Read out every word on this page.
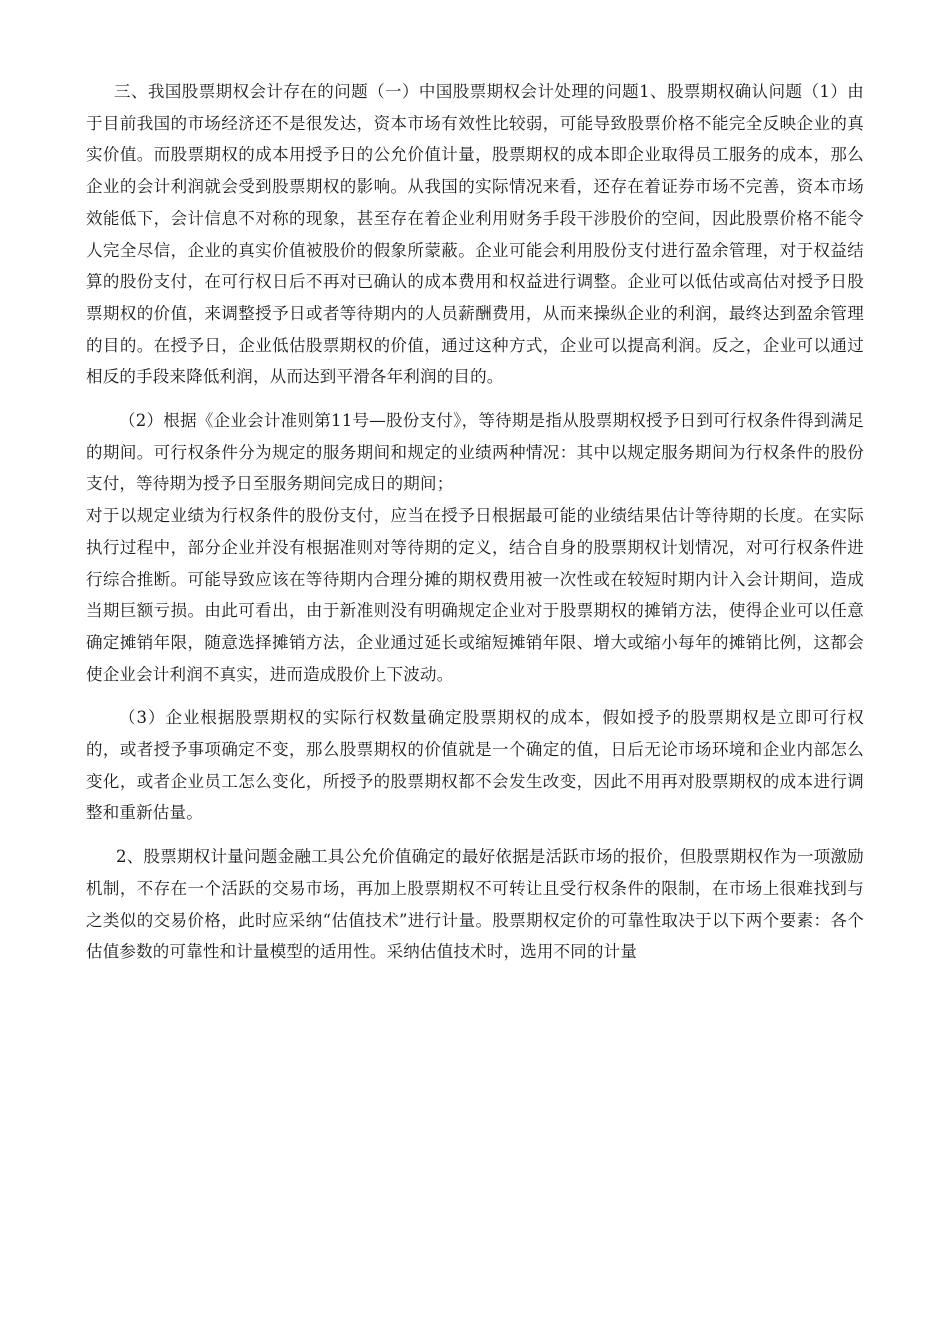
三、我国股票期权会计存在的问题（一）中国股票期权会计处理的问题1、股票期权确认问题（1）由于目前我国的市场经济还不是很发达，资本市场有效性比较弱，可能导致股票价格不能完全反映企业的真实价值。而股票期权的成本用授予日的公允价值计量，股票期权的成本即企业取得员工服务的成本，那么企业的会计利润就会受到股票期权的影响。从我国的实际情况来看，还存在着证券市场不完善，资本市场效能低下，会计信息不对称的现象，甚至存在着企业利用财务手段干涉股价的空间，因此股票价格不能令人完全尽信，企业的真实价值被股价的假象所蒙蔽。企业可能会利用股份支付进行盈余管理，对于权益结算的股份支付，在可行权日后不再对已确认的成本费用和权益进行调整。企业可以低估或高估对授予日股票期权的价值，来调整授予日或者等待期内的人员薪酬费用，从而来操纵企业的利润，最终达到盈余管理的目的。在授予日，企业低估股票期权的价值，通过这种方式，企业可以提高利润。反之，企业可以通过相反的手段来降低利润，从而达到平滑各年利润的目的。

（2）根据《企业会计准则第11号—股份支付》，等待期是指从股票期权授予日到可行权条件得到满足的期间。可行权条件分为规定的服务期间和规定的业绩两种情况：其中以规定服务期间为行权条件的股份支付，等待期为授予日至服务期间完成日的期间；

对于以规定业绩为行权条件的股份支付，应当在授予日根据最可能的业绩结果估计等待期的长度。在实际执行过程中，部分企业并没有根据准则对等待期的定义，结合自身的股票期权计划情况，对可行权条件进行综合推断。可能导致应该在等待期内合理分摊的期权费用被一次性或在较短时期内计入会计期间，造成当期巨额亏损。由此可看出，由于新准则没有明确规定企业对于股票期权的摊销方法，使得企业可以任意确定摊销年限，随意选择摊销方法，企业通过延长或缩短摊销年限、增大或缩小每年的摊销比例，这都会使企业会计利润不真实，进而造成股价上下波动。

（3）企业根据股票期权的实际行权数量确定股票期权的成本，假如授予的股票期权是立即可行权的，或者授予事项确定不变，那么股票期权的价值就是一个确定的值，日后无论市场环境和企业内部怎么变化，或者企业员工怎么变化，所授予的股票期权都不会发生改变，因此不用再对股票期权的成本进行调整和重新估量。

2、股票期权计量问题金融工具公允价值确定的最好依据是活跃市场的报价，但股票期权作为一项激励机制，不存在一个活跃的交易市场，再加上股票期权不可转让且受行权条件的限制，在市场上很难找到与之类似的交易价格，此时应采纳“估值技术”进行计量。股票期权定价的可靠性取决于以下两个要素：各个估值参数的可靠性和计量模型的适用性。采纳估值技术时，选用不同的计量
